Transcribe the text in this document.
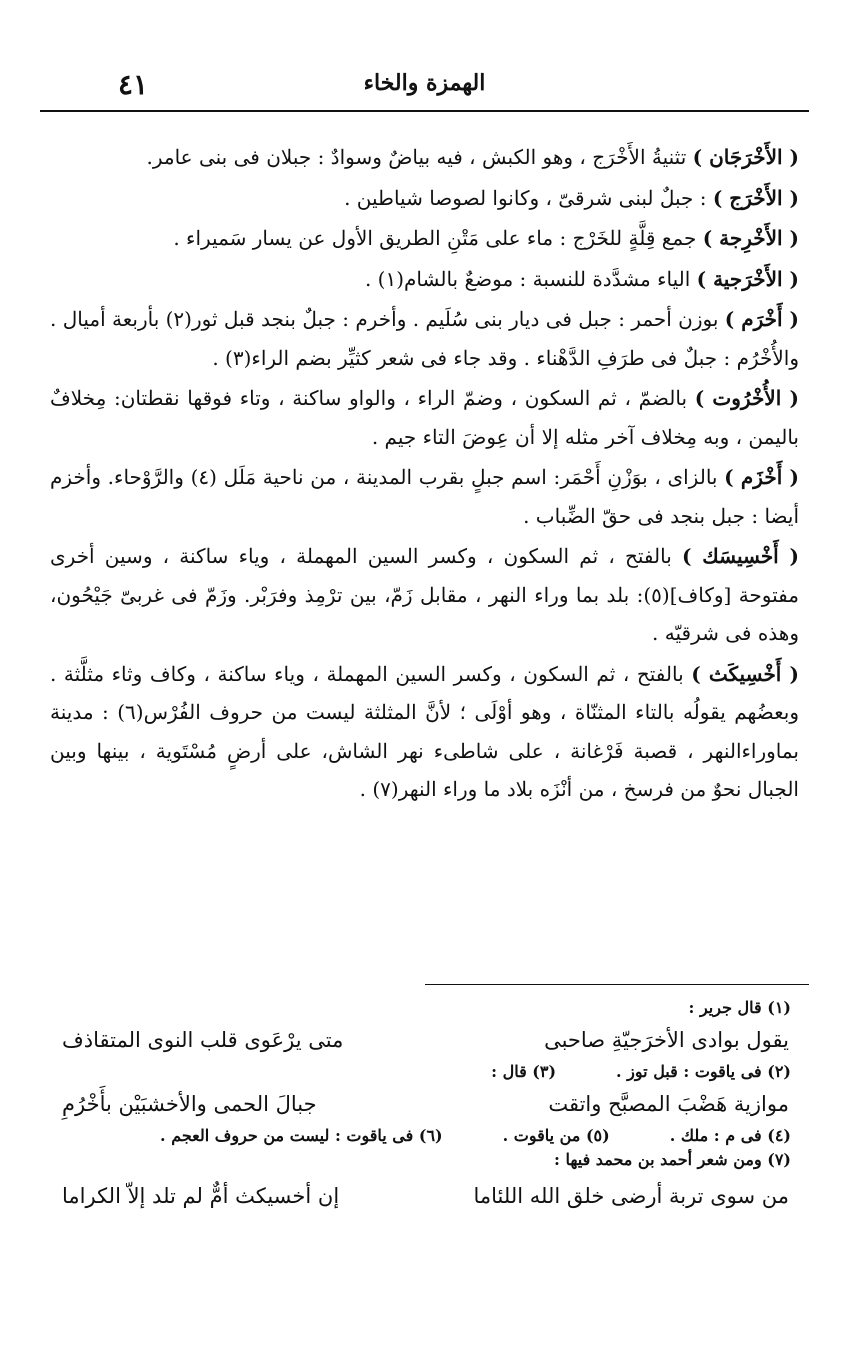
٤١	الهمزة والخاء

( الأَخْرَجَان ) تثنيةُ الأَخْرَج ، وهو الكبش ، فيه بياضٌ وسوادٌ : جبلان فى بنى عامر.

( الأَخْرَج ) : جبلٌ لبنى شرقىّ ، وكانوا لصوصا شياطين .

( الأَخْرِجة ) جمع قِلَّةٍ للخَرْج : ماء على مَتْنِ الطريق الأول عن يسار سَميراء .

( الأَخْرَجية ) الياء مشدَّدة للنسبة : موضعٌ بالشام(١) .

( أَخْرَم ) بوزن أحمر : جبل فى ديار بنى سُلَيم . وأخرم : جبلٌ بنجد قبل ثور(٢) بأربعة أميال . والأُخْرُم : جبلٌ فى طرَفِ الدَّهْناء . وقد جاء فى شعر كثيِّر بضم الراء(٣) .

( الأُخْرُوت ) بالضمّ ، ثم السكون ، وضمّ الراء ، والواو ساكنة ، وتاء فوقها نقطتان: مِخلافٌ باليمن ، وبه مِخلاف آخر مثله إلا أن عِوضَ التاء جيم .

( أَخْزَم ) بالزاى ، بوَزْنِ أَحْمَر: اسم جبلٍ بقرب المدينة ، من ناحية مَلَل (٤) والرَّوْحاء. وأخزم أيضا : جبل بنجد فى حقّ الضِّباب .

( أَخْسِيسَك ) بالفتح ، ثم السكون ، وكسر السين المهملة ، وياء ساكنة ، وسين أخرى مفتوحة [وكاف](٥): بلد بما وراء النهر ، مقابل زَمّ، بين ترْمِذ وفرَبْر. وزَمّ فى غربىّ جَيْحُون، وهذه فى شرقيّه .

( أَخْسِيكَث ) بالفتح ، ثم السكون ، وكسر السين المهملة ، وياء ساكنة ، وكاف وثاء مثلَّثة . وبعضُهم يقولُه بالتاء المثنّاة ، وهو أوْلَى ؛ لأنَّ المثلثة ليست من حروف الفُرْس(٦) : مدينة بماوراءالنهر ، قصبة فَرْغانة ، على شاطىء نهر الشاش، على أرضٍ مُسْتَوية ، بينها وبين الجبال نحوٌ من فرسخ ، من أنْزَه بلاد ما وراء النهر(٧) .

(١) قال جرير :
يقول بوادى الأخرَجيّةِ صاحبى
متى يرْعَوى قلب النوى المتقاذف
(٢) فى ياقوت : قبل توز .
(٣) قال :
موازية هَضْبَ المصبَّح واتقت
جبالَ الحمى والأخشبَيْن بأَخْرُمِ
(٤) فى م : ملك .
(٥) من ياقوت .
(٦) فى ياقوت : ليست من حروف العجم .
(٧) ومن شعر أحمد بن محمد فيها :
من سوى تربة أرضى خلق الله اللئاما
إن أخسيكث أمٌّ لم تلد إلاّ الكراما
